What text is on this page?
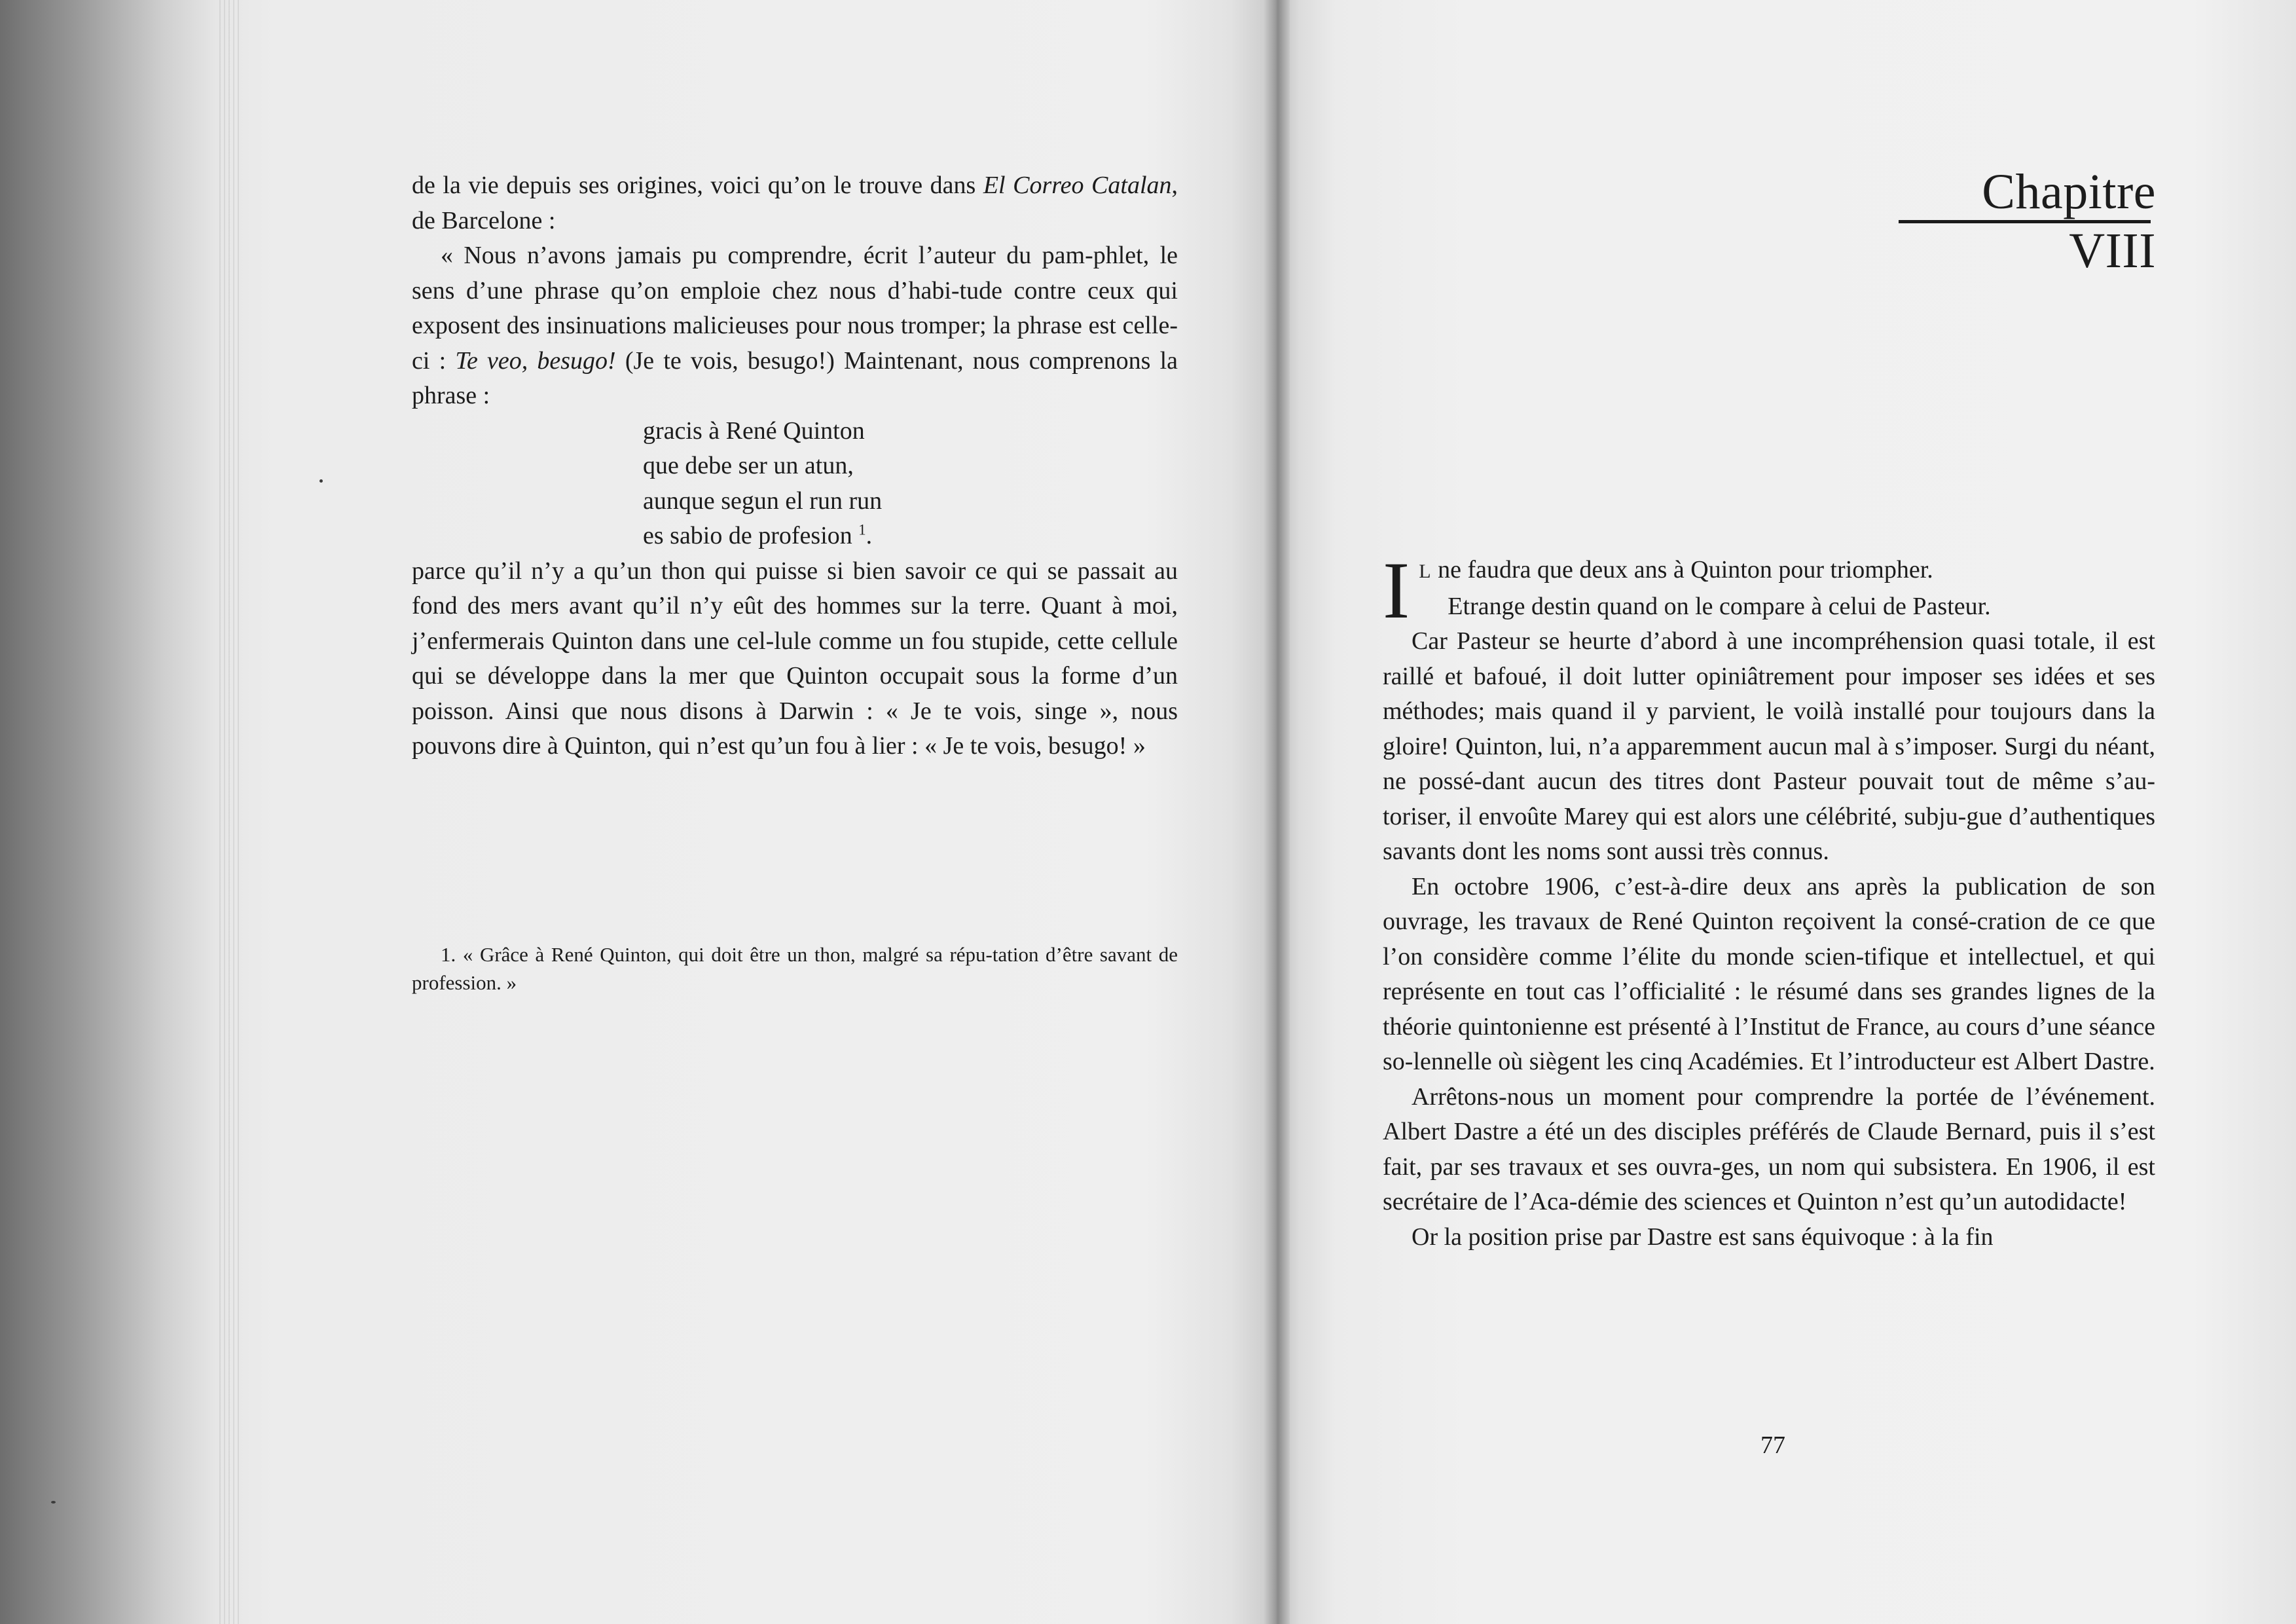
de la vie depuis ses origines, voici qu’on le trouve dans El Correo Catalan, de Barcelone :

« Nous n’avons jamais pu comprendre, écrit l’auteur du pam-phlet, le sens d’une phrase qu’on emploie chez nous d’habi-tude contre ceux qui exposent des insinuations malicieuses pour nous tromper; la phrase est celle-ci : Te veo, besugo! (Je te vois, besugo!) Maintenant, nous comprenons la phrase :

gracis à René Quinton
que debe ser un atun,
aunque segun el run run
es sabio de profesion $^1$.

parce qu’il n’y a qu’un thon qui puisse si bien savoir ce qui se passait au fond des mers avant qu’il n’y eût des hommes sur la terre. Quant à moi, j’enfermerais Quinton dans une cel-lule comme un fou stupide, cette cellule qui se développe dans la mer que Quinton occupait sous la forme d’un poisson. Ainsi que nous disons à Darwin : « Je te vois, singe », nous pouvons dire à Quinton, qui n’est qu’un fou à lier : « Je te vois, besugo! »

1. « Grâce à René Quinton, qui doit être un thon, malgré sa répu-tation d’être savant de profession. »

Chapitre VIII

I L ne faudra que deux ans à Quinton pour triompher.

Etrange destin quand on le compare à celui de Pasteur.

Car Pasteur se heurte d’abord à une incompréhension quasi totale, il est raillé et bafoué, il doit lutter opiniâtrement pour imposer ses idées et ses méthodes; mais quand il y parvient, le voilà installé pour toujours dans la gloire! Quinton, lui, n’a apparemment aucun mal à s’imposer. Surgi du néant, ne possé-dant aucun des titres dont Pasteur pouvait tout de même s’au-toriser, il envoûte Marey qui est alors une célébrité, subju-gue d’authentiques savants dont les noms sont aussi très connus.

En octobre 1906, c’est-à-dire deux ans après la publication de son ouvrage, les travaux de René Quinton reçoivent la consé-cration de ce que l’on considère comme l’élite du monde scien-tifique et intellectuel, et qui représente en tout cas l’officialité : le résumé dans ses grandes lignes de la théorie quintonienne est présenté à l’Institut de France, au cours d’une séance so-lennelle où siègent les cinq Académies. Et l’introducteur est Albert Dastre.

Arrêtons-nous un moment pour comprendre la portée de l’événement. Albert Dastre a été un des disciples préférés de Claude Bernard, puis il s’est fait, par ses travaux et ses ouvra-ges, un nom qui subsistera. En 1906, il est secrétaire de l’Aca-démie des sciences et Quinton n’est qu’un autodidacte!

Or la position prise par Dastre est sans équivoque : à la fin

77
